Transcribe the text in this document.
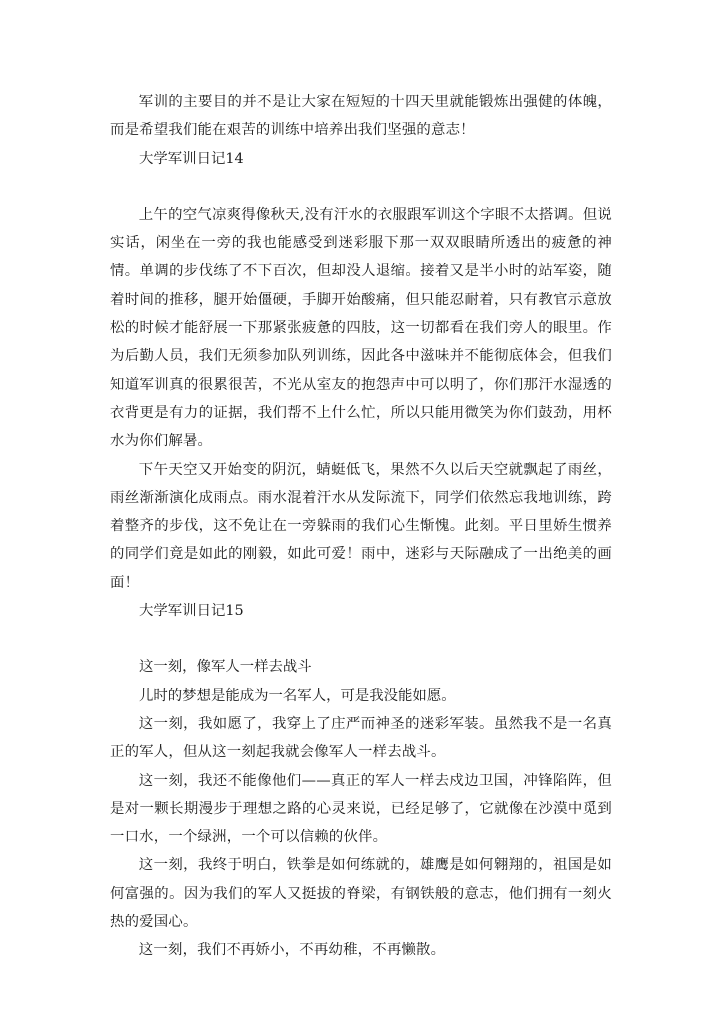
军训的主要目的并不是让大家在短短的十四天里就能锻炼出强健的体魄，而是希望我们能在艰苦的训练中培养出我们坚强的意志！

大学军训日记14

上午的空气凉爽得像秋天,没有汗水的衣服跟军训这个字眼不太搭调。但说实话，闲坐在一旁的我也能感受到迷彩服下那一双双眼睛所透出的疲惫的神情。单调的步伐练了不下百次，但却没人退缩。接着又是半小时的站军姿，随着时间的推移，腿开始僵硬，手脚开始酸痛，但只能忍耐着，只有教官示意放松的时候才能舒展一下那紧张疲惫的四肢，这一切都看在我们旁人的眼里。作为后勤人员，我们无须参加队列训练，因此各中滋味并不能彻底体会，但我们知道军训真的很累很苦，不光从室友的抱怨声中可以明了，你们那汗水湿透的衣背更是有力的证据，我们帮不上什么忙，所以只能用微笑为你们鼓劲，用杯水为你们解暑。

下午天空又开始变的阴沉，蜻蜓低飞，果然不久以后天空就飘起了雨丝，雨丝渐渐演化成雨点。雨水混着汗水从发际流下，同学们依然忘我地训练，跨着整齐的步伐，这不免让在一旁躲雨的我们心生惭愧。此刻。平日里娇生惯养的同学们竟是如此的刚毅，如此可爱！雨中，迷彩与天际融成了一出绝美的画面！

大学军训日记15

这一刻，像军人一样去战斗

儿时的梦想是能成为一名军人，可是我没能如愿。

这一刻，我如愿了，我穿上了庄严而神圣的迷彩军装。虽然我不是一名真正的军人，但从这一刻起我就会像军人一样去战斗。

这一刻，我还不能像他们——真正的军人一样去戍边卫国，冲锋陷阵，但是对一颗长期漫步于理想之路的心灵来说，已经足够了，它就像在沙漠中觅到一口水，一个绿洲，一个可以信赖的伙伴。

这一刻，我终于明白，铁拳是如何练就的，雄鹰是如何翱翔的，祖国是如何富强的。因为我们的军人又挺拔的脊梁，有钢铁般的意志，他们拥有一刻火热的爱国心。

这一刻，我们不再娇小，不再幼稚，不再懒散。
